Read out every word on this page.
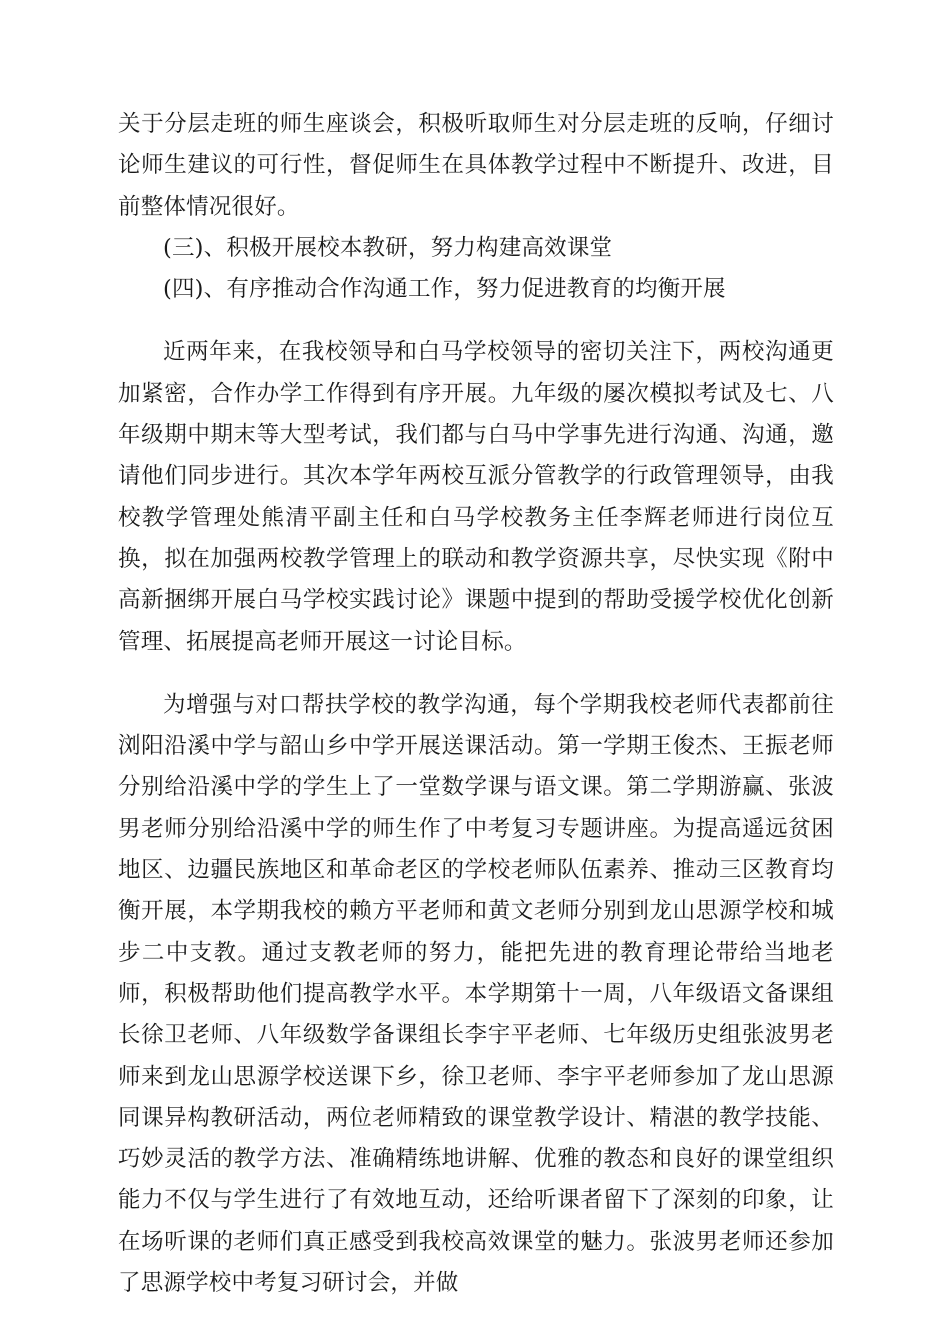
关于分层走班的师生座谈会，积极听取师生对分层走班的反响，仔细讨论师生建议的可行性，督促师生在具体教学过程中不断提升、改进，目前整体情况很好。

(三)、积极开展校本教研，努力构建高效课堂

(四)、有序推动合作沟通工作，努力促进教育的均衡开展

近两年来，在我校领导和白马学校领导的密切关注下，两校沟通更加紧密，合作办学工作得到有序开展。九年级的屡次模拟考试及七、八年级期中期末等大型考试，我们都与白马中学事先进行沟通、沟通，邀请他们同步进行。其次本学年两校互派分管教学的行政管理领导，由我校教学管理处熊清平副主任和白马学校教务主任李辉老师进行岗位互换，拟在加强两校教学管理上的联动和教学资源共享，尽快实现《附中高新捆绑开展白马学校实践讨论》课题中提到的帮助受援学校优化创新管理、拓展提高老师开展这一讨论目标。

为增强与对口帮扶学校的教学沟通，每个学期我校老师代表都前往浏阳沿溪中学与韶山乡中学开展送课活动。第一学期王俊杰、王振老师分别给沿溪中学的学生上了一堂数学课与语文课。第二学期游赢、张波男老师分别给沿溪中学的师生作了中考复习专题讲座。为提高遥远贫困地区、边疆民族地区和革命老区的学校老师队伍素养、推动三区教育均衡开展，本学期我校的赖方平老师和黄文老师分别到龙山思源学校和城步二中支教。通过支教老师的努力，能把先进的教育理论带给当地老师，积极帮助他们提高教学水平。本学期第十一周，八年级语文备课组长徐卫老师、八年级数学备课组长李宇平老师、七年级历史组张波男老师来到龙山思源学校送课下乡，徐卫老师、李宇平老师参加了龙山思源同课异构教研活动，两位老师精致的课堂教学设计、精湛的教学技能、巧妙灵活的教学方法、准确精练地讲解、优雅的教态和良好的课堂组织能力不仅与学生进行了有效地互动，还给听课者留下了深刻的印象，让在场听课的老师们真正感受到我校高效课堂的魅力。张波男老师还参加了思源学校中考复习研讨会，并做
